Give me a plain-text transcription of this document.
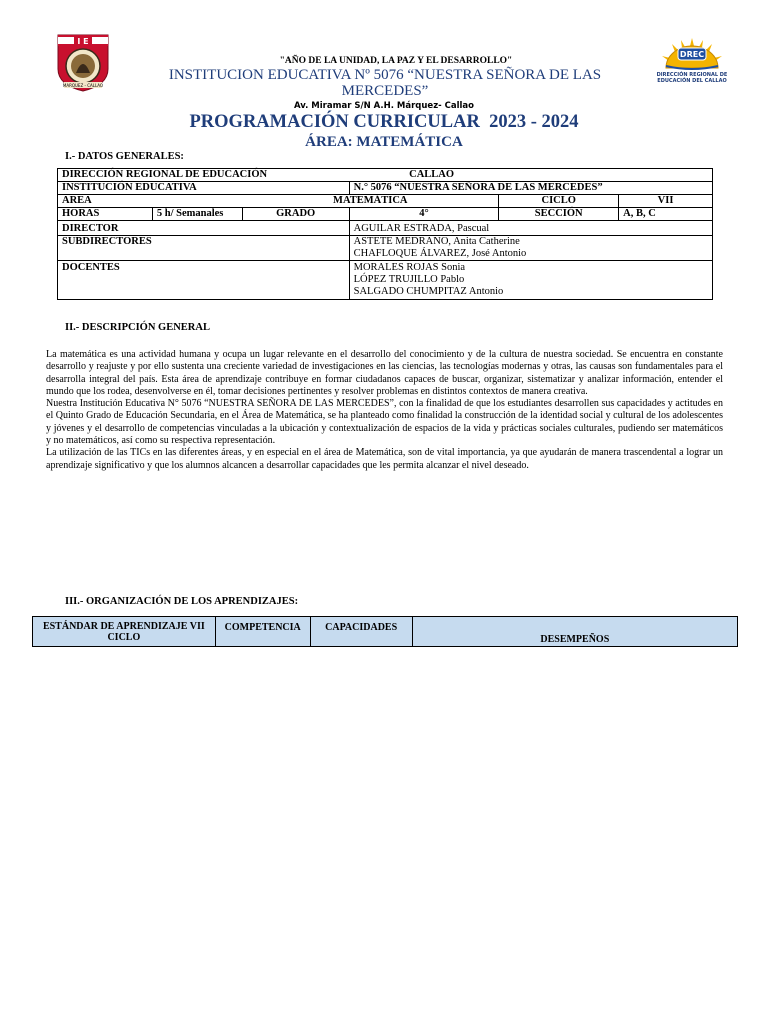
I E
MARQUEZ - CALLAO
DREC
DIRECCIÓN REGIONAL DE
EDUCACIÓN DEL CALLAO
"AÑO DE LA UNIDAD, LA PAZ Y EL DESARROLLO"
INSTITUCION EDUCATIVA Nº 5076 “NUESTRA SEÑORA DE LAS MERCEDES”
Av. Miramar S/N A.H. Márquez- Callao
PROGRAMACIÓN CURRICULAR  2023 - 2024
ÁREA: MATEMÁTICA
I.- DATOS GENERALES:
DIRECCIÓN REGIONAL DE EDUCACIÓN			CALLAO		
INSTITUCIÓN EDUCATIVA			N.° 5076 “NUESTRA SEÑORA DE LAS MERCEDES”		
AREA		MATEMÁTICA		CICLO	VII
HORAS	5 h/ Semanales	GRADO	4°	SECCIÓN	A, B, C
DIRECTOR			AGUILAR ESTRADA, Pascual		
SUBDIRECTORES			ASTETE MEDRANO, Anita Catherine
CHAFLOQUE ÁLVAREZ, José Antonio		

DOCENTES			MORALES ROJAS Sonia
LÓPEZ TRUJILLO Pablo
SALGADO CHUMPITAZ Antonio		
II.- DESCRIPCIÓN GENERAL

La matemática es una actividad humana y ocupa un lugar relevante en el desarrollo del conocimiento y de la cultura de nuestra sociedad. Se encuentra en constante desarrollo y reajuste y por ello sustenta una creciente variedad de investigaciones en las ciencias, las tecnologías modernas y otras, las causas son fundamentales para el desarrolla integral del país. Esta área de aprendizaje contribuye en formar ciudadanos capaces de buscar, organizar, sistematizar y analizar información, entender el mundo que los rodea, desenvolverse en él, tomar decisiones pertinentes y resolver problemas en distintos contextos de manera creativa.

Nuestra Institución Educativa N° 5076 “NUESTRA SEÑORA DE LAS MERCEDES”, con la finalidad de que los estudiantes desarrollen sus capacidades y actitudes en el Quinto Grado de Educación Secundaria, en el Área de Matemática, se ha planteado como finalidad la construcción de la identidad social y cultural de los adolescentes y jóvenes y el desarrollo de competencias vinculadas a la ubicación y contextualización de espacios de la vida y prácticas sociales culturales, pudiendo ser matemáticos y no matemáticos, así como su respectiva representación.

La utilización de las TICs en las diferentes áreas, y en especial en el área de Matemática, son de vital importancia, ya que ayudarán de manera trascendental a lograr un aprendizaje significativo y que los alumnos alcancen a desarrollar capacidades que les permita alcanzar el nivel deseado.

III.- ORGANIZACIÓN DE LOS APRENDIZAJES:
ESTÁNDAR DE APRENDIZAJE VII CICLO	COMPETENCIA	CAPACIDADES	DESEMPEÑOS
